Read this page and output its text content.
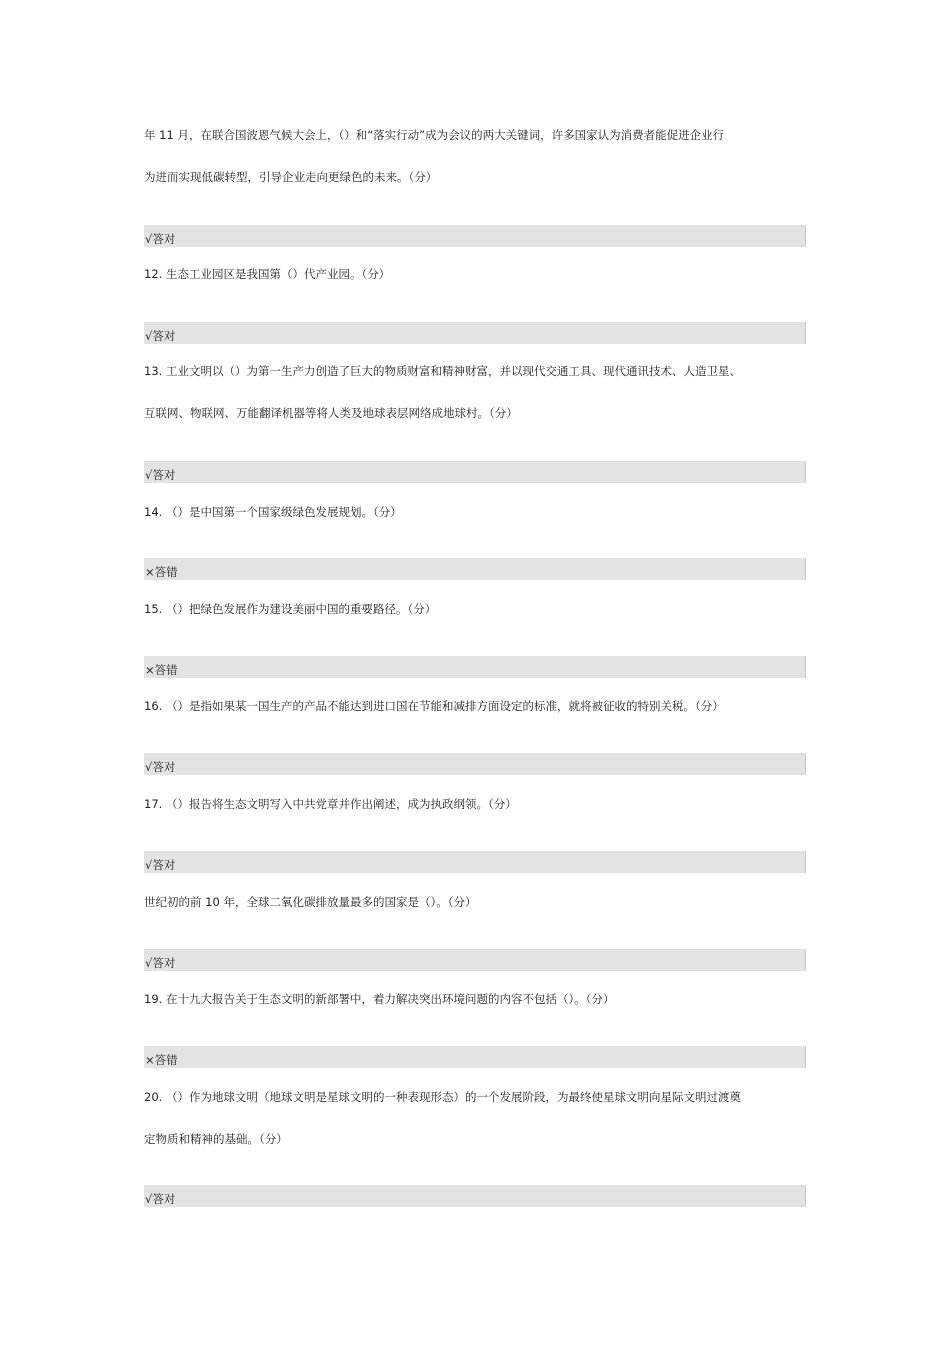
年 11 月，在联合国波恩气候大会上，（）和“落实行动”成为会议的两大关键词，许多国家认为消费者能促进企业行
为进而实现低碳转型，引导企业走向更绿色的未来。（分）
√答对
12. 生态工业园区是我国第（）代产业园。（分）
√答对
13. 工业文明以（）为第一生产力创造了巨大的物质财富和精神财富，并以现代交通工具、现代通讯技术、人造卫星、
互联网、物联网、万能翻译机器等将人类及地球表层网络成地球村。（分）
√答对
14. （）是中国第一个国家级绿色发展规划。（分）
×答错
15. （）把绿色发展作为建设美丽中国的重要路径。（分）
×答错
16. （）是指如果某一国生产的产品不能达到进口国在节能和减排方面设定的标准，就将被征收的特别关税。（分）
√答对
17. （）报告将生态文明写入中共党章并作出阐述，成为执政纲领。（分）
√答对
世纪初的前 10 年，全球二氧化碳排放量最多的国家是（）。（分）
√答对
19. 在十九大报告关于生态文明的新部署中，着力解决突出环境问题的内容不包括（）。（分）
×答错
20. （）作为地球文明（地球文明是星球文明的一种表现形态）的一个发展阶段，为最终使星球文明向星际文明过渡奠
定物质和精神的基础。（分）
√答对
